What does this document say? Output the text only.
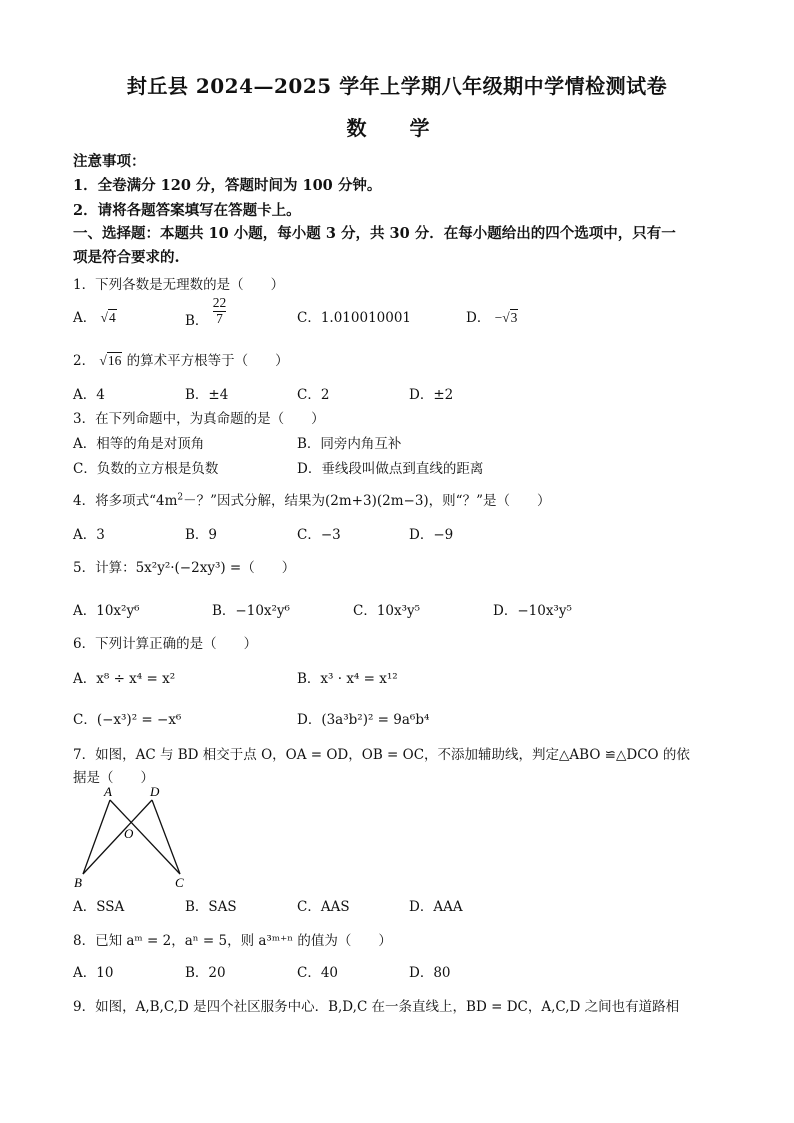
封丘县 2024—2025 学年上学期八年级期中学情检测试卷
数 学
注意事项：
1．全卷满分 120 分，答题时间为 100 分钟。
2．请将各题答案填写在答题卡上。
一、选择题：本题共 10 小题，每小题 3 分，共 30 分．在每小题给出的四个选项中，只有一
项是符合要求的.
1．下列各数是无理数的是（　　）
A． √4	B． $\frac{22}{7}$	C．1.010010001	D． −√3
2． √16 的算术平方根等于（　　）
A．4	B．±4	C．2	D．±2
3．在下列命题中，为真命题的是（　　）
A．相等的角是对顶角	B．同旁内角互补
C．负数的立方根是负数	D．垂线段叫做点到直线的距离
4．将多项式“$4m^2-$？”因式分解，结果为(2m+3)(2m−3)，则“？”是（　　）
A．3	B．9	C．−3	D．−9
5．计算：5x²y²·(−2xy³) =（　　）
A．10x²y⁶	B．−10x²y⁶	C．10x³y⁵	D．−10x³y⁵
6．下列计算正确的是（　　）
A．x⁸ ÷ x⁴ = x²	B．x³ · x⁴ = x¹²
C．(−x³)² = −x⁶	D．(3a³b²)² = 9a⁶b⁴
7．如图，AC 与 BD 相交于点 O，OA = OD，OB = OC，不添加辅助线，判定△ABO ≌△DCO 的依
据是（　　）
A	D
O
B	C
A．SSA	B．SAS	C．AAS	D．AAA
8．已知 aᵐ = 2，aⁿ = 5，则 a³ᵐ⁺ⁿ 的值为（　　）
A．10	B．20	C．40	D．80
9．如图，A,B,C,D 是四个社区服务中心．B,D,C 在一条直线上，BD = DC，A,C,D 之间也有道路相
